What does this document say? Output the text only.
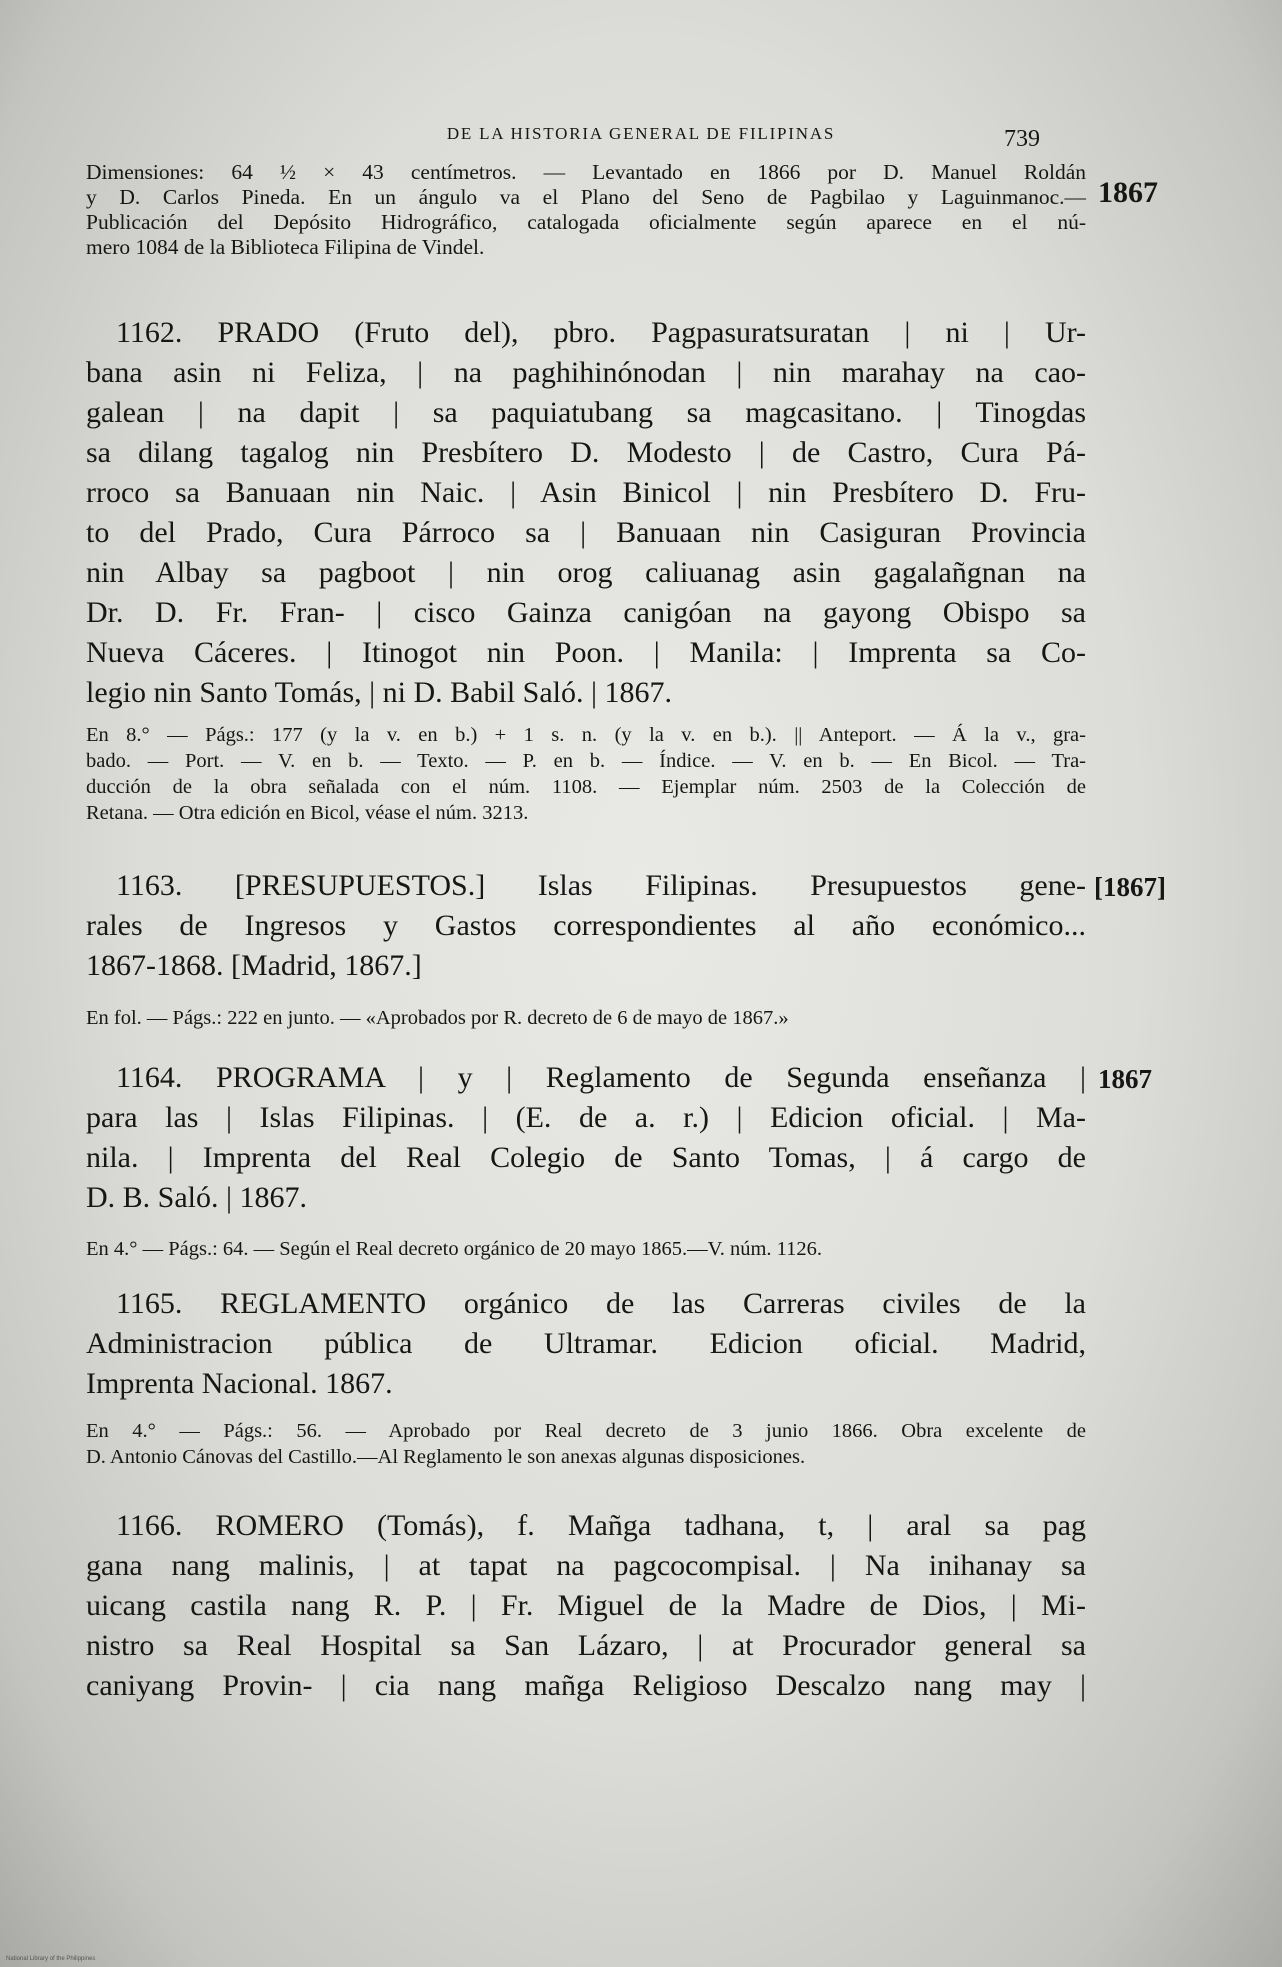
DE LA HISTORIA GENERAL DE FILIPINAS	739
Dimensiones: 64 ½ × 43 centímetros. — Levantado en 1866 por D. Manuel Roldán
y D. Carlos Pineda. En un ángulo va el Plano del Seno de Pagbilao y Laguinmanoc.—
Publicación del Depósito Hidrográfico, catalogada oficialmente según aparece en el nú-
mero 1084 de la Biblioteca Filipina de Vindel.
1867
1162. PRADO (Fruto del), pbro. Pagpasuratsuratan | ni | Ur-
bana asin ni Feliza, | na paghihinónodan | nin marahay na cao-
galean | na dapit | sa paquiatubang sa magcasitano. | Tinogdas
sa dilang tagalog nin Presbítero D. Modesto | de Castro, Cura Pá-
rroco sa Banuaan nin Naic. | Asin Binicol | nin Presbítero D. Fru-
to del Prado, Cura Párroco sa | Banuaan nin Casiguran Provincia
nin Albay sa pagboot | nin orog caliuanag asin gagalañgnan na
Dr. D. Fr. Fran- | cisco Gainza canigóan na gayong Obispo sa
Nueva Cáceres. | Itinogot nin Poon. | Manila: | Imprenta sa Co-
legio nin Santo Tomás, | ni D. Babil Saló. | 1867.
En 8.° — Págs.: 177 (y la v. en b.) + 1 s. n. (y la v. en b.). || Anteport. — Á la v., gra-
bado. — Port. — V. en b. — Texto. — P. en b. — Índice. — V. en b. — En Bicol. — Tra-
ducción de la obra señalada con el núm. 1108. — Ejemplar núm. 2503 de la Colección de
Retana. — Otra edición en Bicol, véase el núm. 3213.
1163. [PRESUPUESTOS.] Islas Filipinas. Presupuestos gene-
rales de Ingresos y Gastos correspondientes al año económico...
1867-1868. [Madrid, 1867.]
[1867]
En fol. — Págs.: 222 en junto. — «Aprobados por R. decreto de 6 de mayo de 1867.»
1164. PROGRAMA | y | Reglamento de Segunda enseñanza |
para las | Islas Filipinas. | (E. de a. r.) | Edicion oficial. | Ma-
nila. | Imprenta del Real Colegio de Santo Tomas, | á cargo de
D. B. Saló. | 1867.
1867
En 4.° — Págs.: 64. — Según el Real decreto orgánico de 20 mayo 1865.—V. núm. 1126.
1165. REGLAMENTO orgánico de las Carreras civiles de la
Administracion pública de Ultramar. Edicion oficial. Madrid,
Imprenta Nacional. 1867.
En 4.° — Págs.: 56. — Aprobado por Real decreto de 3 junio 1866. Obra excelente de
D. Antonio Cánovas del Castillo.—Al Reglamento le son anexas algunas disposiciones.
1166. ROMERO (Tomás), f. Mañga tadhana, t, | aral sa pag
gana nang malinis, | at tapat na pagcocompisal. | Na inihanay sa
uicang castila nang R. P. | Fr. Miguel de la Madre de Dios, | Mi-
nistro sa Real Hospital sa San Lázaro, | at Procurador general sa
caniyang Provin- | cia nang mañga Religioso Descalzo nang may |
National Library of the Philippines
